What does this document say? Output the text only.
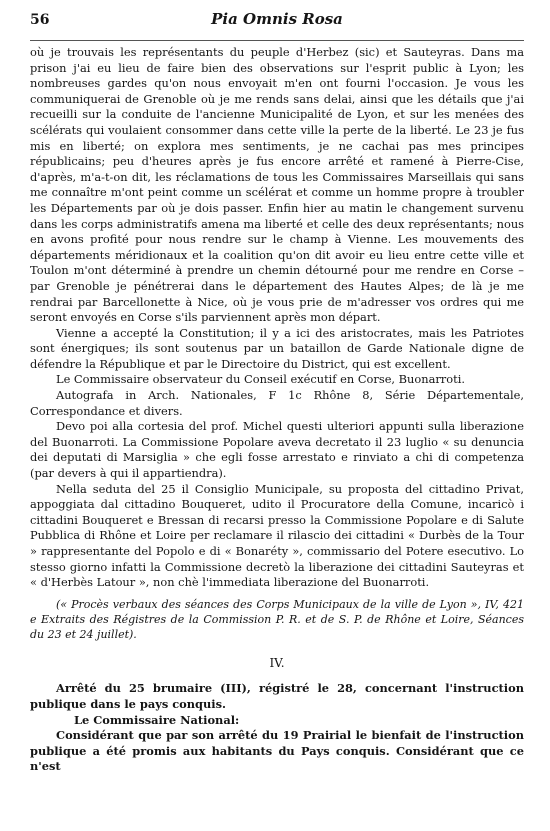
56	Pia Omnis Rosa

où je trouvais les représentants du peuple d'Herbez (sic) et Sauteyras. Dans ma prison j'ai eu lieu de faire bien des observations sur l'esprit public à Lyon; les nombreuses gardes qu'on nous envoyait m'en ont fourni l'occasion. Je vous les communiquerai de Grenoble où je me rends sans delai, ainsi que les détails que j'ai recueilli sur la conduite de l'ancienne Municipalité de Lyon, et sur les menées des scélérats qui voulaient consommer dans cette ville la perte de la liberté. Le 23 je fus mis en liberté; on explora mes sentiments, je ne cachai pas mes principes républicains; peu d'heures après je fus encore arrêté et ramené à Pierre-Cise, d'après, m'a-t-on dit, les réclamations de tous les Commissaires Marseillais qui sans me connaître m'ont peint comme un scélérat et comme un homme propre à troubler les Départements par où je dois passer. Enfin hier au matin le changement survenu dans les corps administratifs amena ma liberté et celle des deux représentants; nous en avons profité pour nous rendre sur le champ à Vienne. Les mouvements des départements méridionaux et la coalition qu'on dit avoir eu lieu entre cette ville et Toulon m'ont déterminé à prendre un chemin détourné pour me rendre en Corse – par Grenoble je pénétrerai dans le département des Hautes Alpes; de là je me rendrai par Barcellonette à Nice, où je vous prie de m'adresser vos ordres qui me seront envoyés en Corse s'ils parviennent après mon départ.

Vienne a accepté la Constitution; il y a ici des aristocrates, mais les Patriotes sont énergiques; ils sont soutenus par un bataillon de Garde Nationale digne de défendre la République et par le Directoire du District, qui est excellent.

Le Commissaire observateur du Conseil exécutif en Corse, Buonarroti.

Autografa in Arch. Nationales, F 1c Rhône 8, Série Départementale, Correspondance et divers.

Devo poi alla cortesia del prof. Michel questi ulteriori appunti sulla liberazione del Buonarroti. La Commissione Popolare aveva decretato il 23 luglio « su denuncia dei deputati di Marsiglia » che egli fosse arrestato e rinviato a chi di competenza (par devers à qui il appartiendra).

Nella seduta del 25 il Consiglio Municipale, su proposta del cittadino Privat, appoggiata dal cittadino Bouqueret, udito il Procuratore della Comune, incaricò i cittadini Bouqueret e Bressan di recarsi presso la Commissione Popolare e di Salute Pubblica di Rhône et Loire per reclamare il rilascio dei cittadini « Durbès de la Tour » rappresentante del Popolo e di « Bonaréty », commissario del Potere esecutivo. Lo stesso giorno infatti la Commissione decretò la liberazione dei cittadini Sauteyras et « d'Herbès Latour », non chè l'immediata liberazione del Buonarroti.

(« Procès verbaux des séances des Corps Municipaux de la ville de Lyon », IV, 421 e Extraits des Régistres de la Commission P. R. et de S. P. de Rhône et Loire, Séances du 23 et 24 juillet).

IV.

Arrêté du 25 brumaire (III), régistré le 28, concernant l'instruction publique dans le pays conquis.

Le Commissaire National:

Considérant que par son arrêté du 19 Prairial le bienfait de l'instruction publique a été promis aux habitants du Pays conquis. Considérant que ce n'est
